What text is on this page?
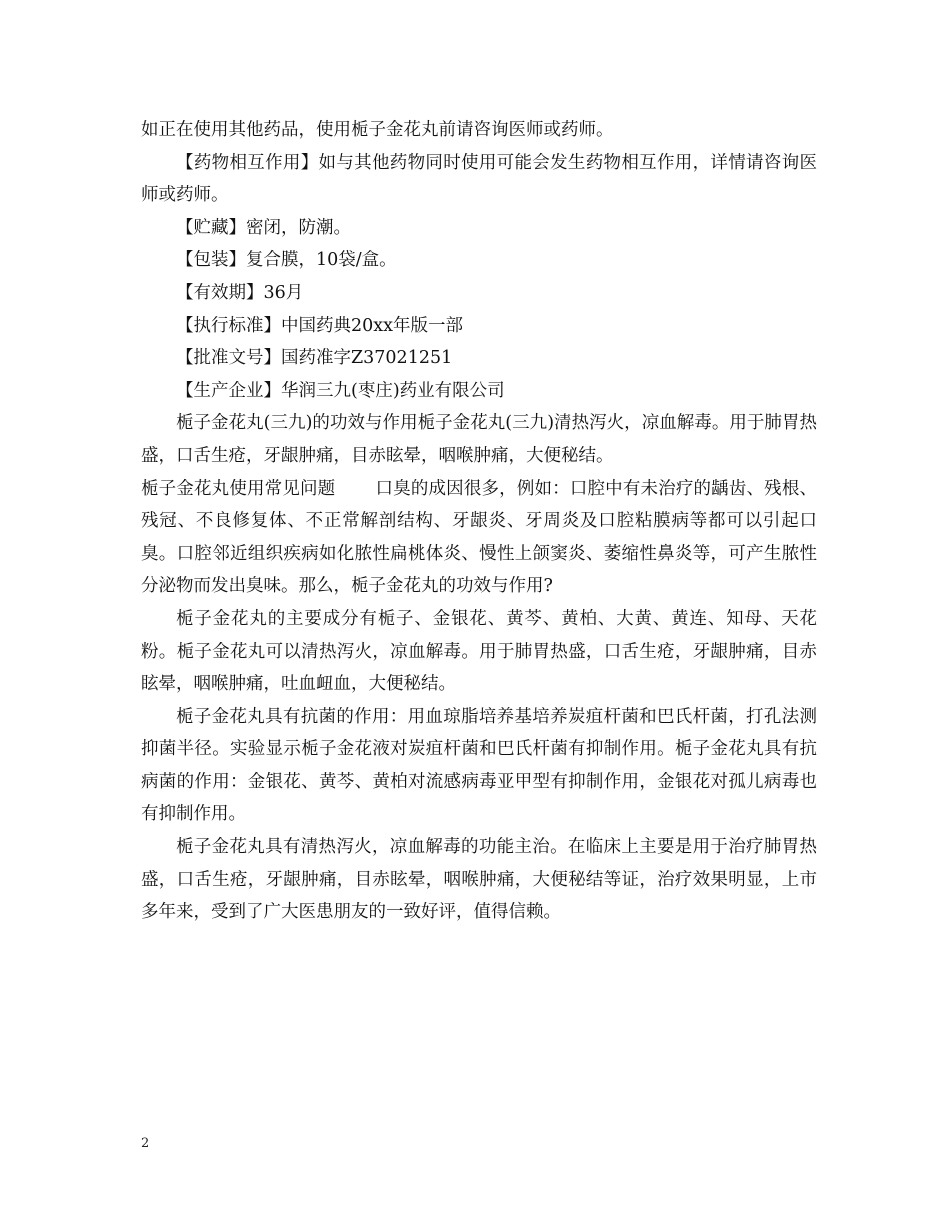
如正在使用其他药品，使用栀子金花丸前请咨询医师或药师。

【药物相互作用】如与其他药物同时使用可能会发生药物相互作用，详情请咨询医师或药师。

【贮藏】密闭，防潮。

【包装】复合膜，10袋/盒。

【有效期】36月

【执行标准】中国药典20xx年版一部

【批准文号】国药准字Z37021251

【生产企业】华润三九(枣庄)药业有限公司

栀子金花丸(三九)的功效与作用栀子金花丸(三九)清热泻火，凉血解毒。用于肺胃热盛，口舌生疮，牙龈肿痛，目赤眩晕，咽喉肿痛，大便秘结。

栀子金花丸使用常见问题 口臭的成因很多，例如：口腔中有未治疗的龋齿、残根、残冠、不良修复体、不正常解剖结构、牙龈炎、牙周炎及口腔粘膜病等都可以引起口臭。口腔邻近组织疾病如化脓性扁桃体炎、慢性上颌窦炎、萎缩性鼻炎等，可产生脓性分泌物而发出臭味。那么，栀子金花丸的功效与作用?

栀子金花丸的主要成分有栀子、金银花、黄芩、黄柏、大黄、黄连、知母、天花粉。栀子金花丸可以清热泻火，凉血解毒。用于肺胃热盛，口舌生疮，牙龈肿痛，目赤眩晕，咽喉肿痛，吐血衄血，大便秘结。

栀子金花丸具有抗菌的作用：用血琼脂培养基培养炭疽杆菌和巴氏杆菌，打孔法测抑菌半径。实验显示栀子金花液对炭疽杆菌和巴氏杆菌有抑制作用。栀子金花丸具有抗病菌的作用：金银花、黄芩、黄柏对流感病毒亚甲型有抑制作用，金银花对孤儿病毒也有抑制作用。

栀子金花丸具有清热泻火，凉血解毒的功能主治。在临床上主要是用于治疗肺胃热盛，口舌生疮，牙龈肿痛，目赤眩晕，咽喉肿痛，大便秘结等证，治疗效果明显，上市多年来，受到了广大医患朋友的一致好评，值得信赖。

2
